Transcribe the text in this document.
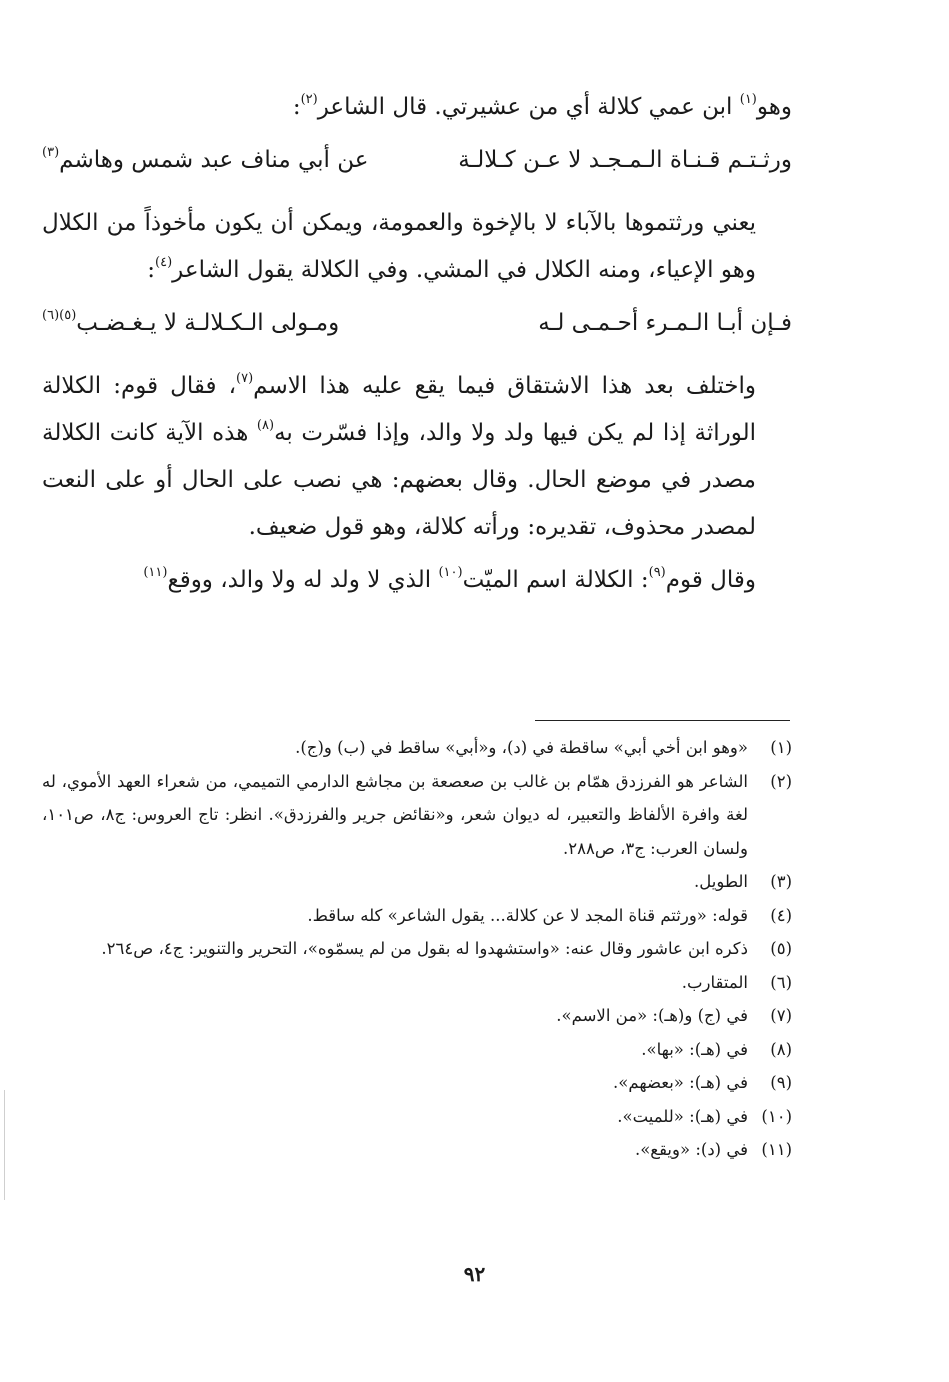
وهو$^{(١)}$ ابن عمي كلالة أي من عشيرتي. قال الشاعر$^{(٢)}$:
ورثـتـم قـنـاة الـمـجـد لا عـن كـلالـة
عن أبي مناف عبد شمس وهاشم$^{(٣)}$
يعني ورثتموها بالآباء لا بالإخوة والعمومة، ويمكن أن يكون مأخوذاً من الكلال وهو الإعياء، ومنه الكلال في المشي. وفي الكلالة يقول الشاعر$^{(٤)}$:
فـإن أبـا الـمـرء أحـمـى لـه
ومـولى الـكـلالـة لا يـغـضـب$^{(٥)(٦)}$
واختلف بعد هذا الاشتقاق فيما يقع عليه هذا الاسم$^{(٧)}$، فقال قوم: الكلالة الوراثة إذا لم يكن فيها ولد ولا والد، وإذا فسّرت به$^{(٨)}$ هذه الآية كانت الكلالة مصدر في موضع الحال. وقال بعضهم: هي نصب على الحال أو على النعت لمصدر محذوف، تقديره: ورأته كلالة، وهو قول ضعيف.
وقال قوم$^{(٩)}$: الكلالة اسم الميّت$^{(١٠)}$ الذي لا ولد له ولا والد، ووقع$^{(١١)}$
(١)
«وهو ابن أخي أبي» ساقطة في (د)، و«أبي» ساقط في (ب) و(ج).
(٢)
الشاعر هو الفرزدق همّام بن غالب بن صعصعة بن مجاشع الدارمي التميمي، من شعراء العهد الأموي، له لغة وافرة الألفاظ والتعبير، له ديوان شعر، و«نقائض جرير والفرزدق». انظر: تاج العروس: ج٨، ص١٠١، ولسان العرب: ج٣، ص٢٨٨.
(٣)
الطويل.
(٤)
قوله: «ورثتم قناة المجد لا عن كلالة... يقول الشاعر» كله ساقط.
(٥)
ذكره ابن عاشور وقال عنه: «واستشهدوا له بقول من لم يسمّوه»، التحرير والتنوير: ج٤، ص٢٦٤.
(٦)
المتقارب.
(٧)
في (ج) و(هـ): «من الاسم».
(٨)
في (هـ): «بها».
(٩)
في (هـ): «بعضهم».
(١٠)
في (هـ): «للميت».
(١١)
في (د): «ويقع».
٩٢
